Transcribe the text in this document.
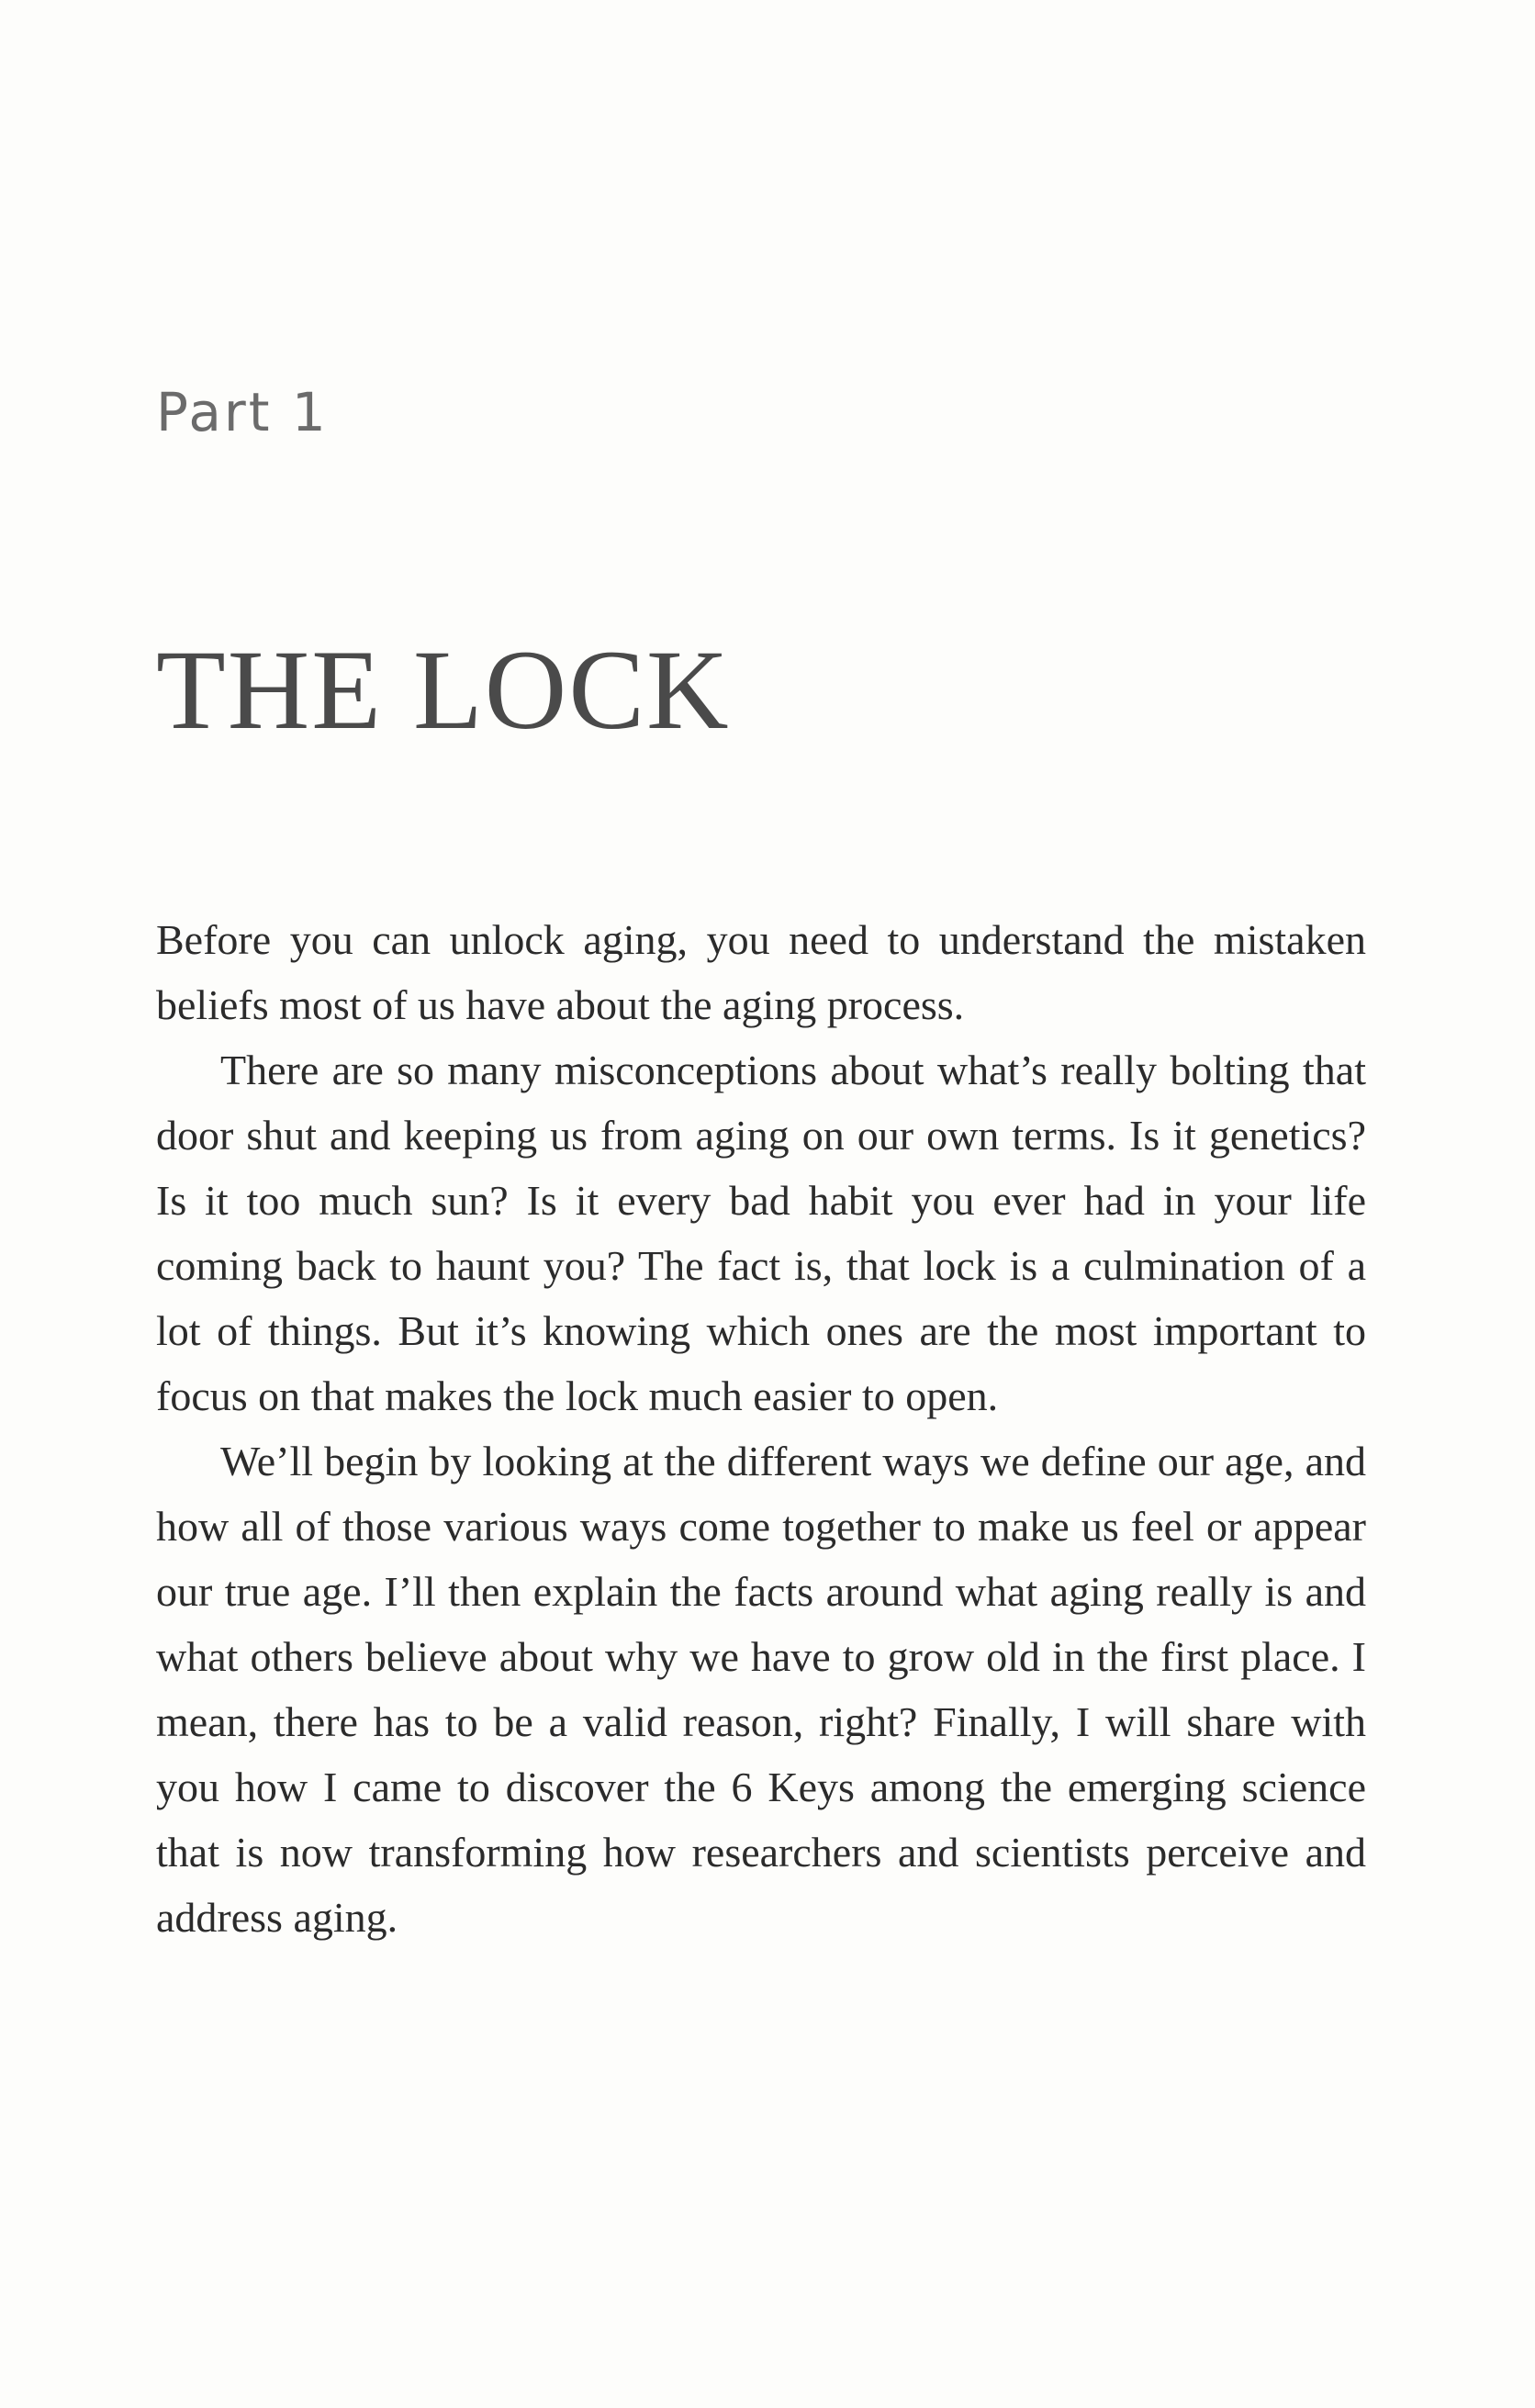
Part 1
THE LOCK

Before you can unlock aging, you need to understand the mistaken beliefs most of us have about the aging process.

There are so many misconceptions about what’s really bolting that door shut and keeping us from aging on our own terms. Is it genetics? Is it too much sun? Is it every bad habit you ever had in your life coming back to haunt you? The fact is, that lock is a culmination of a lot of things. But it’s knowing which ones are the most important to focus on that makes the lock much easier to open.

We’ll begin by looking at the different ways we define our age, and how all of those various ways come together to make us feel or appear our true age. I’ll then explain the facts around what aging really is and what others believe about why we have to grow old in the first place. I mean, there has to be a valid reason, right? Finally, I will share with you how I came to discover the 6 Keys among the emerging science that is now transforming how researchers and scientists perceive and address aging.
